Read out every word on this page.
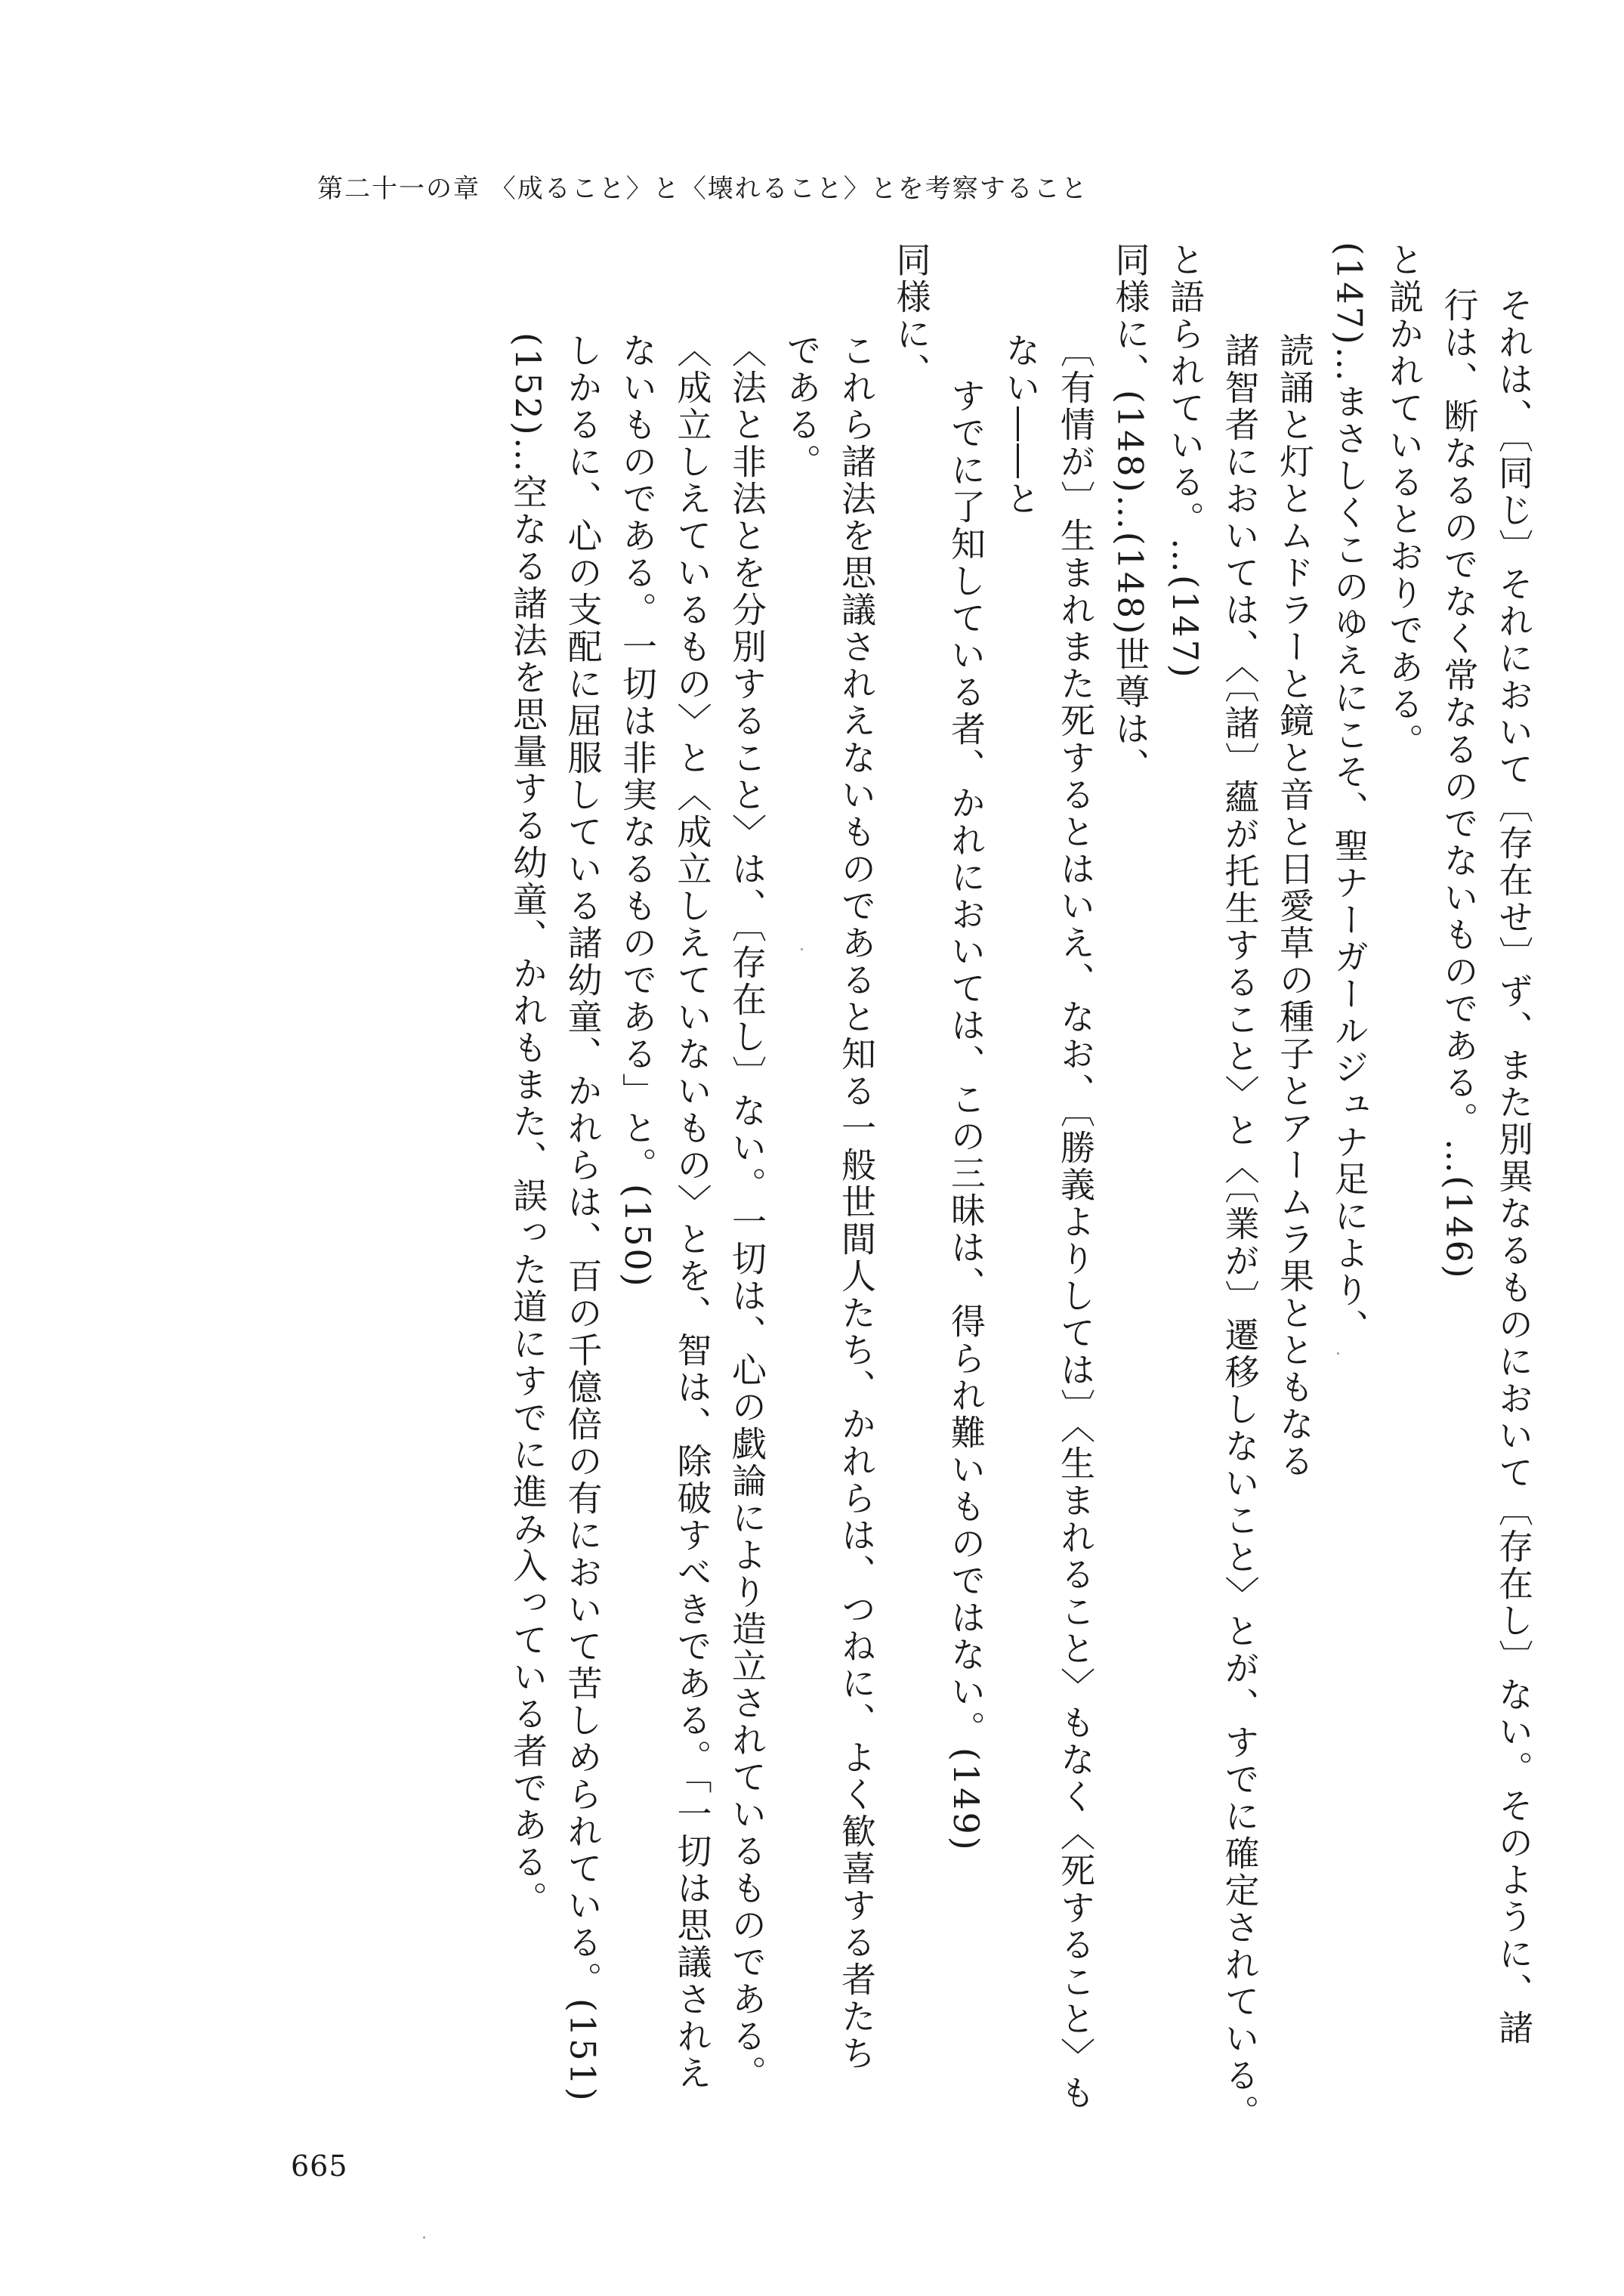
第二十一の章 〈成ること〉と〈壊れること〉とを考察すること
それは、〔同じ〕それにおいて〔存在せ〕ず、また別異なるものにおいて〔存在し〕ない。そのように、諸
行は、断なるのでなく常なるのでないものである。…(146)
と説かれているとおりである。
(147)…まさしくこのゆえにこそ、聖ナーガールジュナ足により、
読誦と灯とムドラーと鏡と音と日愛草の種子とアームラ果とともなる
諸智者においては、〈〔諸〕蘊が托生すること〉と〈〔業が〕遷移しないこと〉とが、すでに確定されている。
と語られている。…(147)
同様に、(148)…(148)世尊は、
〔有情が〕生まれまた死するとはいえ、なお、〔勝義よりしては〕〈生まれること〉もなく〈死すること〉も
ない――と
すでに了知している者、かれにおいては、この三昧は、得られ難いものではない。(149)
同様に、
これら諸法を思議されえないものであると知る一般世間人たち、かれらは、つねに、よく歓喜する者たち
である。
〈法と非法とを分別すること〉は、〔存在し〕ない。一切は、心の戯論により造立されているものである。
〈成立しえているもの〉と〈成立しえていないもの〉とを、智は、除破すべきである。「一切は思議されえ
ないものである。一切は非実なるものである」と。(150)
しかるに、心の支配に屈服している諸幼童、かれらは、百の千億倍の有において苦しめられている。(151)
(152)…空なる諸法を思量する幼童、かれもまた、誤った道にすでに進み入っている者である。
665
